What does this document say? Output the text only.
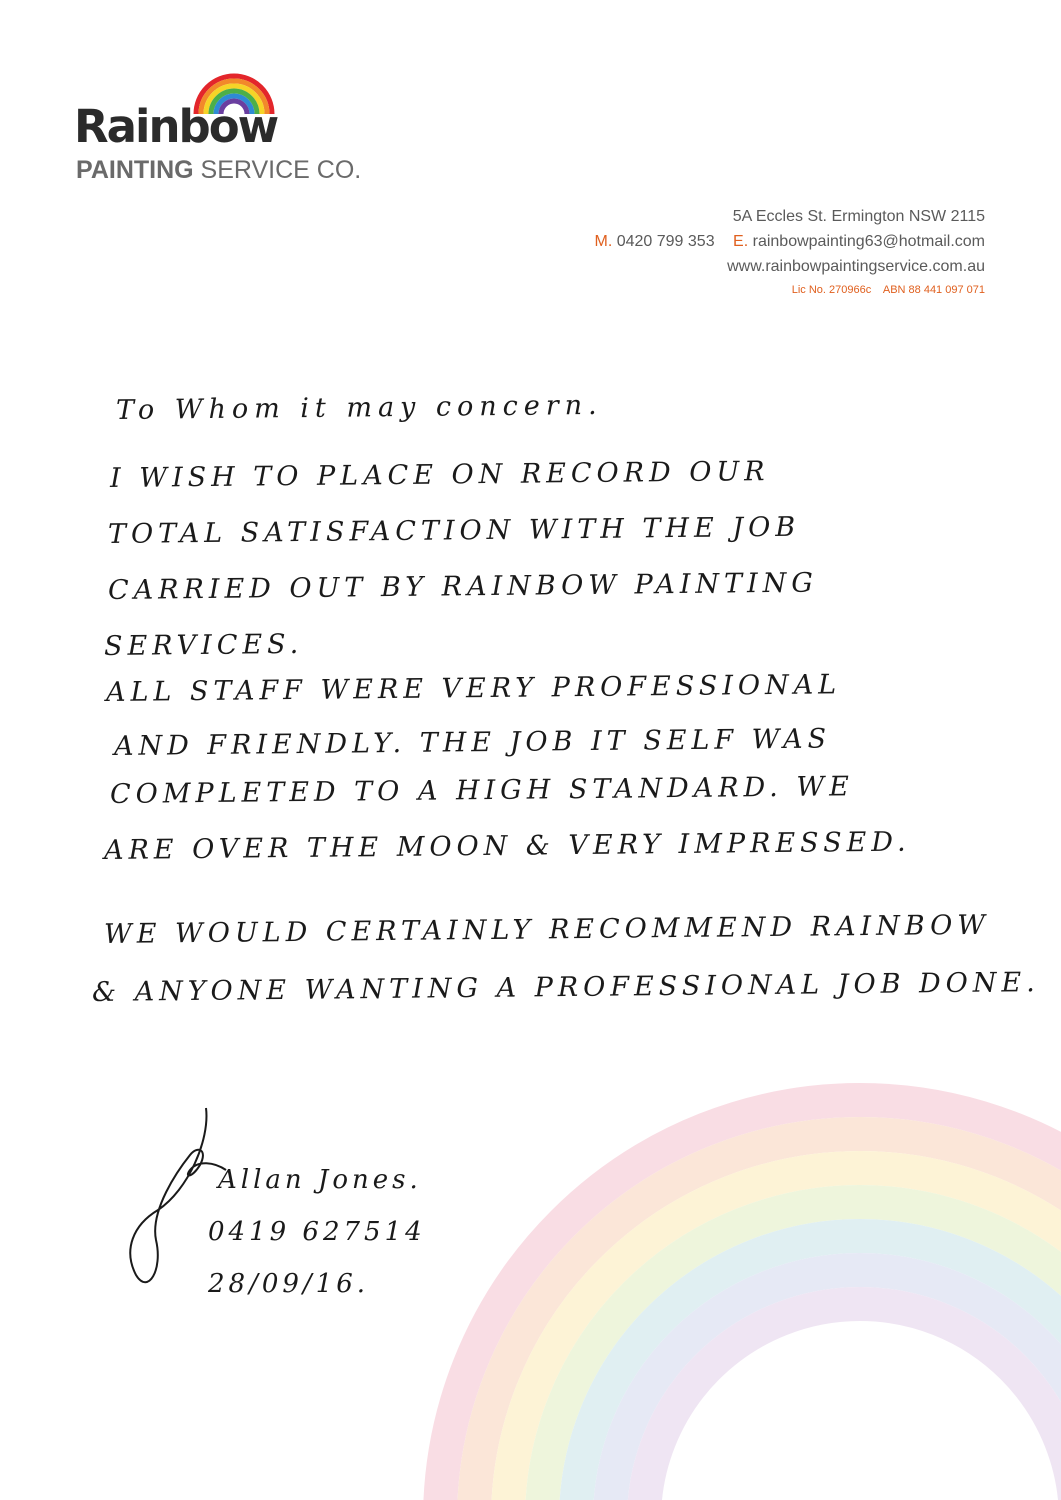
Rainbow
PAINTING SERVICE CO.
5A Eccles St. Ermington NSW 2115
M. 0420 799 353 E. rainbowpainting63@hotmail.com
www.rainbowpaintingservice.com.au
Lic No. 270966c ABN 88 441 097 071
To Whom it may concern.
I WISH TO PLACE ON RECORD OUR
TOTAL SATISFACTION WITH THE JOB
CARRIED OUT BY RAINBOW PAINTING
SERVICES.
ALL STAFF WERE VERY PROFESSIONAL
AND FRIENDLY. THE JOB IT SELF WAS
COMPLETED TO A HIGH STANDARD. WE
ARE OVER THE MOON & VERY IMPRESSED.
WE WOULD CERTAINLY RECOMMEND RAINBOW
& ANYONE WANTING A PROFESSIONAL JOB DONE.
Allan Jones.
0419 627514
28/09/16.
